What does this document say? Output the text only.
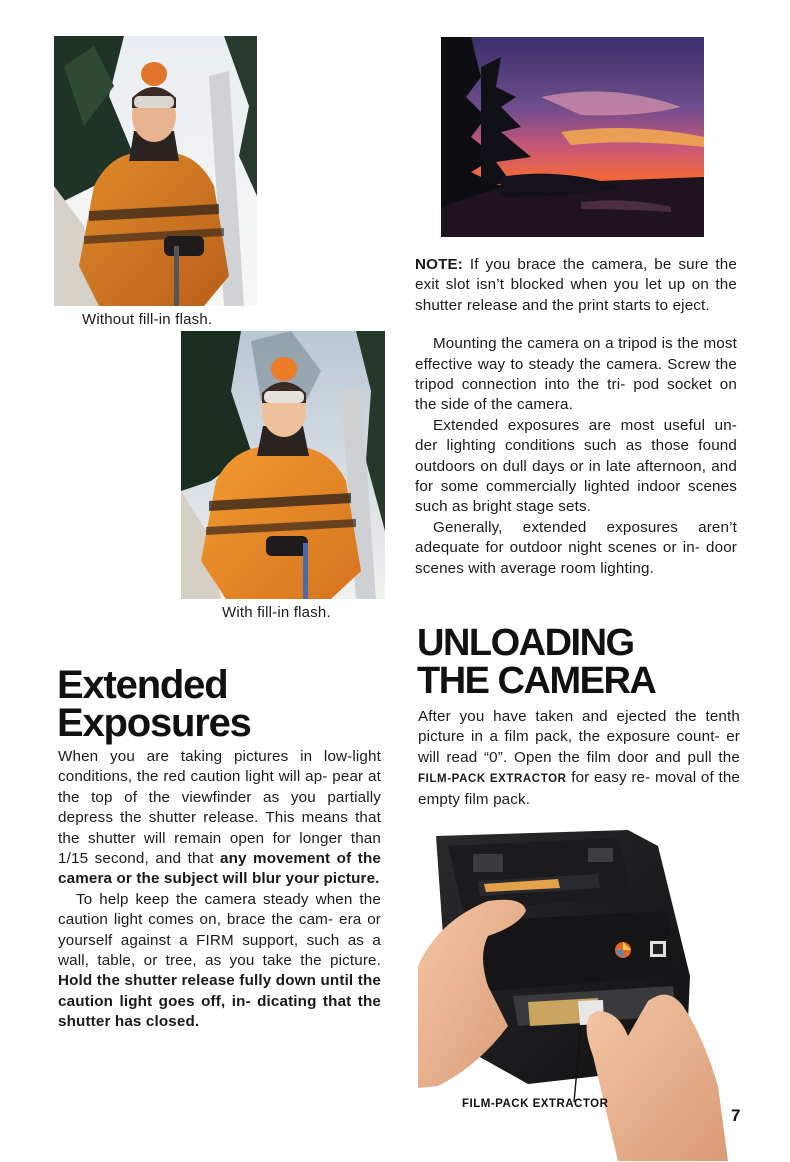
Without fill-in flash.
With fill-in flash.

NOTE: If you brace the camera, be sure the exit slot isn’t blocked when you let up on the shutter release and the print starts to eject.

Mounting the camera on a tripod is the most effective way to steady the camera. Screw the tripod connection into the tri- pod socket on the side of the camera.

Extended exposures are most useful un- der lighting conditions such as those found outdoors on dull days or in late afternoon, and for some commercially lighted indoor scenes such as bright stage sets.

Generally, extended exposures aren’t adequate for outdoor night scenes or in- door scenes with average room lighting.

UNLOADING
THE CAMERA

After you have taken and ejected the tenth picture in a film pack, the exposure count- er will read “0”. Open the film door and pull the FILM-PACK EXTRACTOR for easy re- moval of the empty film pack.

FILM-PACK EXTRACTOR
Extended
Exposures

When you are taking pictures in low-light conditions, the red caution light will ap- pear at the top of the viewfinder as you partially depress the shutter release. This means that the shutter will remain open for longer than 1/15 second, and that any movement of the camera or the subject will blur your picture.

To help keep the camera steady when the caution light comes on, brace the cam- era or yourself against a FIRM support, such as a wall, table, or tree, as you take the picture. Hold the shutter release fully down until the caution light goes off, in- dicating that the shutter has closed.

7
